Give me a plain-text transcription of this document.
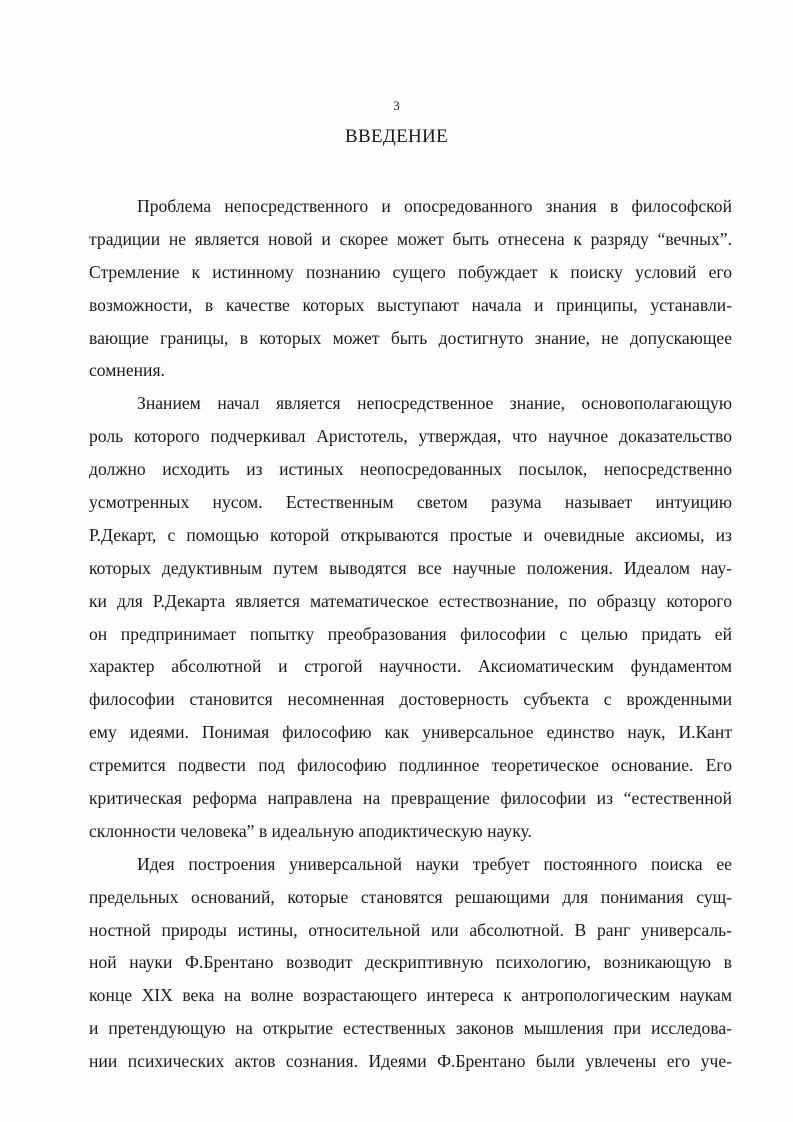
3
ВВЕДЕНИЕ
Проблема непосредственного и опосредованного знания в философской
традиции не является новой и скорее может быть отнесена к разряду “вечных”.
Стремление к истинному познанию сущего побуждает к поиску условий его
возможности, в качестве которых выступают начала и принципы, устанавли-
вающие границы, в которых может быть достигнуто знание, не допускающее
сомнения.
Знанием начал является непосредственное знание, основополагающую
роль которого подчеркивал Аристотель, утверждая, что научное доказательство
должно исходить из истиных неопосредованных посылок, непосредственно
усмотренных нусом. Естественным светом разума называет интуицию
Р.Декарт, с помощью которой открываются простые и очевидные аксиомы, из
которых дедуктивным путем выводятся все научные положения. Идеалом нау-
ки для Р.Декарта является математическое естествознание, по образцу которого
он предпринимает попытку преобразования философии с целью придать ей
характер абсолютной и строгой научности. Аксиоматическим фундаментом
философии становится несомненная достоверность субъекта с врожденными
ему идеями. Понимая философию как универсальное единство наук, И.Кант
стремится подвести под философию подлинное теоретическое основание. Его
критическая реформа направлена на превращение философии из “естественной
склонности человека” в идеальную аподиктическую науку.
Идея построения универсальной науки требует постоянного поиска ее
предельных оснований, которые становятся решающими для понимания сущ-
ностной природы истины, относительной или абсолютной. В ранг универсаль-
ной науки Ф.Брентано возводит дескриптивную психологию, возникающую в
конце XIX века на волне возрастающего интереса к антропологическим наукам
и претендующую на открытие естественных законов мышления при исследова-
нии психических актов сознания. Идеями Ф.Брентано были увлечены его уче-
